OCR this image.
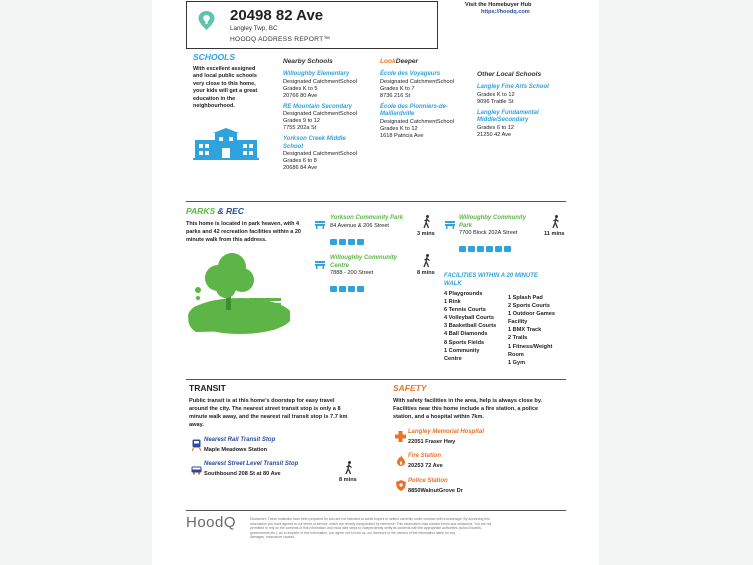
20498 82 Ave
Langley Twp, BC
HOODQ ADDRESS REPORT™
Visit the Homebuyer Hub
https://hoodq.com
SCHOOLS
With excellent assigned
and local public schools
very close to this home,
your kids will get a great
education in the
neighbourhood.
Nearby Schools
Willoughby Elementary
Designated CatchmentSchool
Grades K to 5
20766 80 Ave
RE Mountain Secondary
Designated CatchmentSchool
Grades 9 to 12
7755 202a St
Yorkson Creek Middle
School
Designated CatchmentSchool
Grades 6 to 8
20686 84 Ave
LookDeeper
École des Voyageurs
Designated CatchmentSchool
Grades K to 7
8736 216 St
École des Pionniers-de-
Maillardville
Designated CatchmentSchool
Grades K to 12
1618 Patricia Ave
Other Local Schools
Langley Fine Arts School
Grades K to 12
9096 Trattle St
Langley Fundamental
Middle/Secondary
Grades 6 to 12
21250 42 Ave
PARKS & REC
This home is located in park heaven, with 4
parks and 42 recreation facilities within a 20
minute walk from this address.
Yorkson Community Park
84 Avenue & 206 Street
3 mins
Willoughby Community
Park
7700 Block 202A Street	11 mins
Willoughby Community
Centre
7888 - 200 Street	8 mins FACILITIES WITHIN A 20 MINUTE
WALK
4 Playgrounds
1 Rink
6 Tennis Courts
4 Volleyball Courts
3 Basketball Courts
4 Ball Diamonds
8 Sports Fields
1 Community
Centre
1 Splash Pad
2 Sports Courts
1 Outdoor Games
Facility
1 BMX Track
2 Trails
1 Fitness/Weight
Room
1 Gym
TRANSIT
Public transit is at this home's doorstep for easy travel
around the city. The nearest street transit stop is only a 8
minute walk away, and the nearest rail transit stop is 7.7 km
away.
Nearest Rail Transit Stop
Maple Meadows Station
Nearest Street Level Transit Stop
Southbound 208 St at 80 Ave
8 mins
SAFETY
With safety facilities in the area, help is always close by.
Facilities near this home include a fire station, a police
station, and a hospital within 7km.
Langley Memorial Hospital
22051 Fraser Hwy
Fire Station
20253 72 Ave
Police Station
8850WalnutGrove Dr
HoodQ	Disclaimer: These materials have been prepared for and are not intended to solicit buyers or sellers currently under contract with a brokerage. By accessing this
information you have agreed to our terms of service, which are hereby incorporated by reference. This information may contain errors and omissions. You are not
permitted to rely on the contents of this information and must take steps to independently verify its contents with the appropriate authorities (school boards,
governments etc.). As a recipient of this information, you agree not to hold us, our licensors or the owners of the information liable for any
damages, howsoever caused.
